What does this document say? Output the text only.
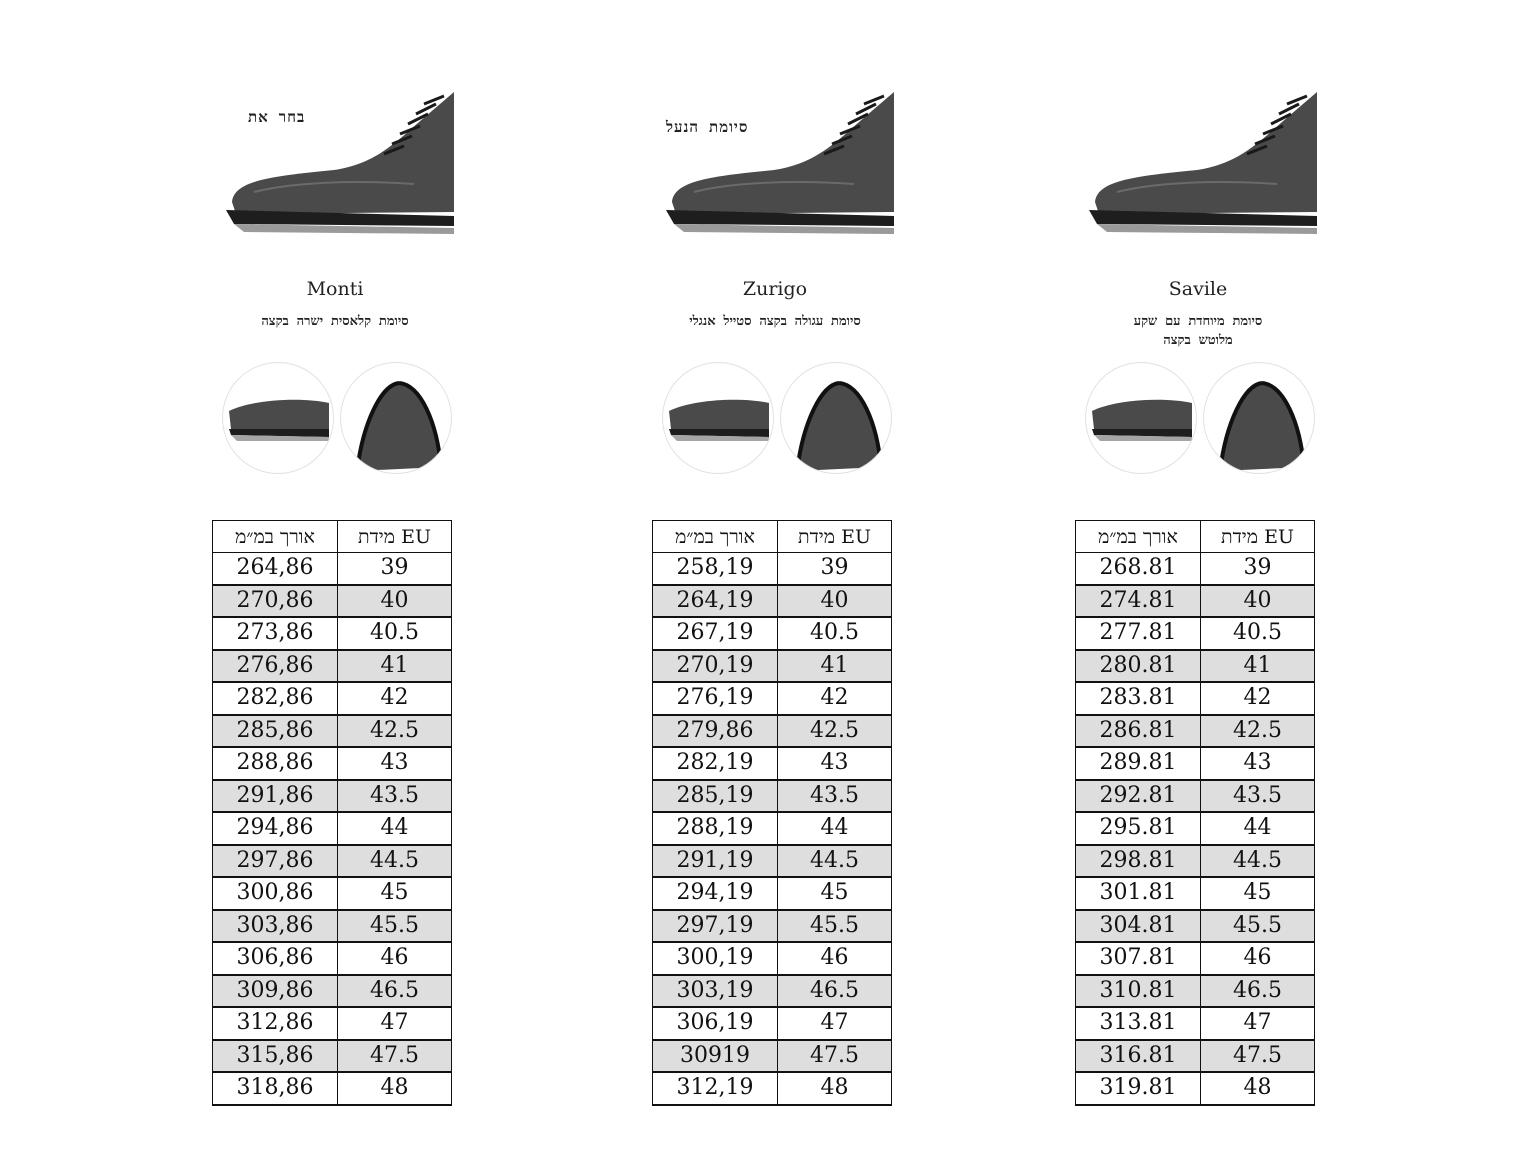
בחר את
Monti
סיומת קלאסית ישרה בקצה
אורך במ״מ	מידת EU
264,86	39
270,86	40
273,86	40.5
276,86	41
282,86	42
285,86	42.5
288,86	43
291,86	43.5
294,86	44
297,86	44.5
300,86	45
303,86	45.5
306,86	46
309,86	46.5
312,86	47
315,86	47.5
318,86	48
סיומת הנעל
Zurigo
סיומת עגולה בקצה סטייל אנגלי
אורך במ״מ	מידת EU
258,19	39
264,19	40
267,19	40.5
270,19	41
276,19	42
279,86	42.5
282,19	43
285,19	43.5
288,19	44
291,19	44.5
294,19	45
297,19	45.5
300,19	46
303,19	46.5
306,19	47
30919	47.5
312,19	48
Savile
סיומת מיוחדת עם שקע
מלוטש בקצה
אורך במ״מ	מידת EU
268.81	39
274.81	40
277.81	40.5
280.81	41
283.81	42
286.81	42.5
289.81	43
292.81	43.5
295.81	44
298.81	44.5
301.81	45
304.81	45.5
307.81	46
310.81	46.5
313.81	47
316.81	47.5
319.81	48
